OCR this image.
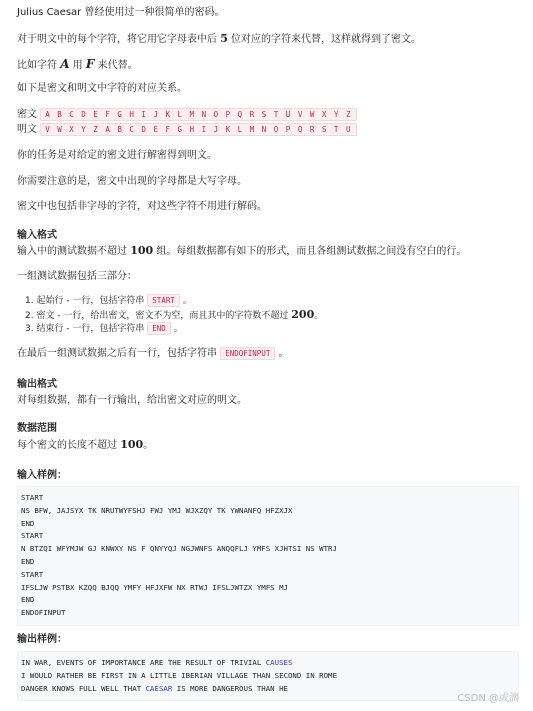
Julius Caesar 曾经使用过一种很简单的密码。

对于明文中的每个字符，将它用它字母表中后 5 位对应的字符来代替，这样就得到了密文。

比如字符 A 用 F 来代替。

如下是密文和明文中字符的对应关系。

密文 A B C D E F G H I J K L M N O P Q R S T U V W X Y Z

明文 V W X Y Z A B C D E F G H I J K L M N O P Q R S T U

你的任务是对给定的密文进行解密得到明文。

你需要注意的是，密文中出现的字母都是大写字母。

密文中也包括非字母的字符，对这些字符不用进行解码。

输入格式

输入中的测试数据不超过 100 组。每组数据都有如下的形式，而且各组测试数据之间没有空白的行。

一组测试数据包括三部分：

1. 起始行 - 一行，包括字符串 START 。
2. 密文 - 一行，给出密文，密文不为空，而且其中的字符数不超过 200。
3. 结束行 - 一行，包括字符串 END 。

在最后一组测试数据之后有一行，包括字符串 ENDOFINPUT 。

输出格式

对每组数据，都有一行输出，给出密文对应的明文。

数据范围

每个密文的长度不超过 100。

输入样例：
START
NS BFW, JAJSYX TK NRUTWYFSHJ FWJ YMJ WJXZQY TK YWNANFQ HFZXJX
END
START
N BTZQI WFYMJW GJ KNWXY NS F QNYYQJ NGJWNFS ANQQFLJ YMFS XJHTSI NS WTRJ
END
START
IFSLJW PSTBX KZQQ BJQQ YMFY HFJXFW NX RTWJ IFSLJWTZX YMFS MJ
END
ENDOFINPUT
输出样例：
IN WAR, EVENTS OF IMPORTANCE ARE THE RESULT OF TRIVIAL CAUSES
I WOULD RATHER BE FIRST IN A LITTLE IBERIAN VILLAGE THAN SECOND IN ROME
DANGER KNOWS FULL WELL THAT CAESAR IS MORE DANGEROUS THAN HE
CSDN @或漓
